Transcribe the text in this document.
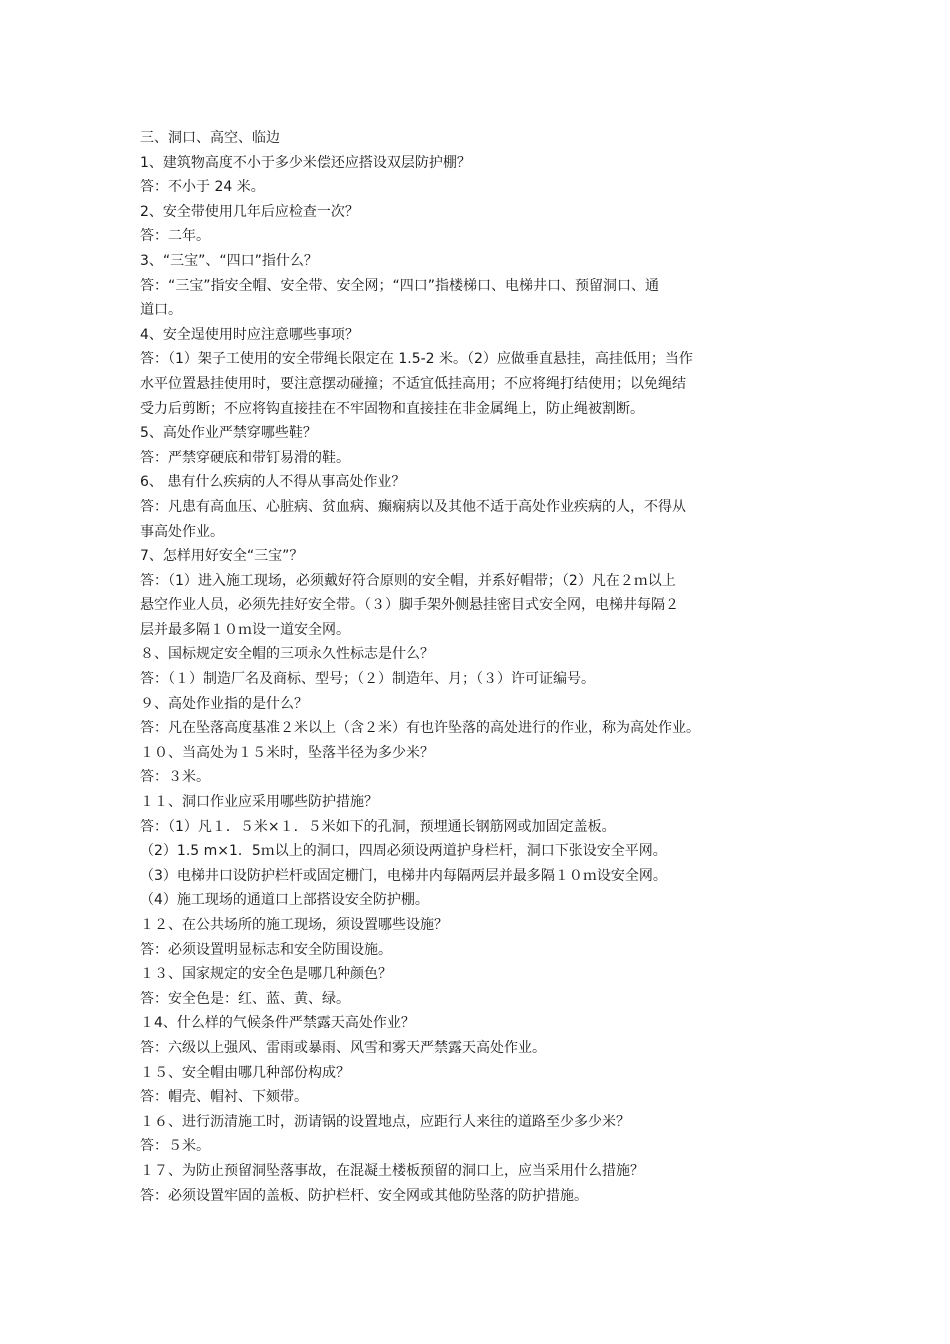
三、洞口、高空、临边
1、建筑物高度不小于多少米偿还应搭设双层防护棚？
答：不小于 24 米。
2、安全带使用几年后应检查一次？
答：二年。
3、“三宝”、“四口”指什么？
答：“三宝”指安全帽、安全带、安全网；“四口”指楼梯口、电梯井口、预留洞口、通
道口。
4、安全逞使用时应注意哪些事项？
答：（1）架子工使用的安全带绳长限定在 1.5-2 米。（2）应做垂直悬挂，高挂低用；当作
水平位置悬挂使用时，要注意摆动碰撞；不适宜低挂高用；不应将绳打结使用；以免绳结
受力后剪断；不应将钩直接挂在不牢固物和直接挂在非金属绳上，防止绳被割断。
5、高处作业严禁穿哪些鞋？
答：严禁穿硬底和带钉易滑的鞋。
6、 患有什么疾病的人不得从事高处作业？
答：凡患有高血压、心脏病、贫血病、癫痫病以及其他不适于高处作业疾病的人，不得从
事高处作业。
7、怎样用好安全“三宝”？
答：（1）进入施工现场，必须戴好符合原则的安全帽，并系好帽带；（2）凡在２ｍ以上
悬空作业人员，必须先挂好安全带。（３）脚手架外侧悬挂密目式安全网，电梯井每隔２
层并最多隔１０ｍ设一道安全网。
８、国标规定安全帽的三项永久性标志是什么？
答：（１）制造厂名及商标、型号；（２）制造年、月；（３）许可证编号。
９、高处作业指的是什么？
答：凡在坠落高度基准２米以上（含２米）有也许坠落的高处进行的作业，称为高处作业。
１０、当高处为１５米时，坠落半径为多少米？
答：３米。
１１、洞口作业应采用哪些防护措施？
答：（1）凡１．５米×１．５米如下的孔洞，预埋通长钢筋网或加固定盖板。
（2）1.5 m×1．5ｍ以上的洞口，四周必须设两道护身栏杆，洞口下张设安全平网。
（3）电梯井口设防护栏杆或固定栅门，电梯井内每隔两层并最多隔１０ｍ设安全网。
（4）施工现场的通道口上部搭设安全防护棚。
１２、在公共场所的施工现场，须设置哪些设施？
答：必须设置明显标志和安全防围设施。
１３、国家规定的安全色是哪几种颜色？
答：安全色是：红、蓝、黄、绿。
１4、什么样的气候条件严禁露天高处作业？
答：六级以上强风、雷雨或暴雨、风雪和雾天严禁露天高处作业。
１５、安全帽由哪几种部份构成？
答：帽壳、帽衬、下颏带。
１６、进行沥清施工时，沥请锅的设置地点，应距行人来往的道路至少多少米？
答：５米。
１７、为防止预留洞坠落事故，在混凝土楼板预留的洞口上，应当采用什么措施？
答：必须设置牢固的盖板、防护栏杆、安全网或其他防坠落的防护措施。
